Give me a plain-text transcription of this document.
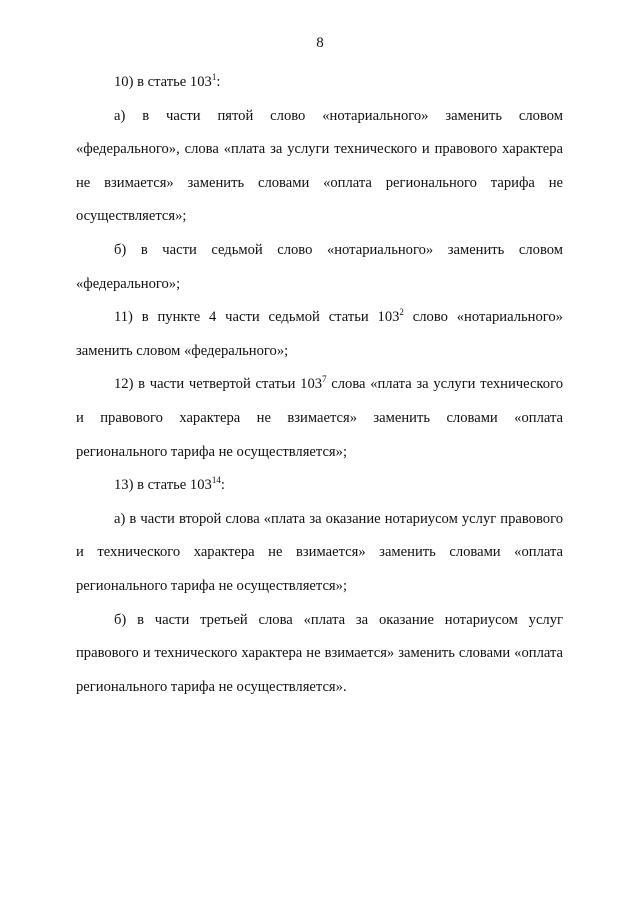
8

10) в статье $103^1$:

а) в части пятой слово «нотариального» заменить словом «федерального», слова «плата за услуги технического и правового характера не взимается» заменить словами «оплата регионального тарифа не осуществляется»;

б) в части седьмой слово «нотариального» заменить словом «федерального»;

11) в пункте 4 части седьмой статьи $103^2$ слово «нотариального» заменить словом «федерального»;

12) в части четвертой статьи $103^7$ слова «плата за услуги технического и правового характера не взимается» заменить словами «оплата регионального тарифа не осуществляется»;

13) в статье $103^{14}$:

а) в части второй слова «плата за оказание нотариусом услуг правового и технического характера не взимается» заменить словами «оплата регионального тарифа не осуществляется»;

б) в части третьей слова «плата за оказание нотариусом услуг правового и технического характера не взимается» заменить словами «оплата регионального тарифа не осуществляется».
